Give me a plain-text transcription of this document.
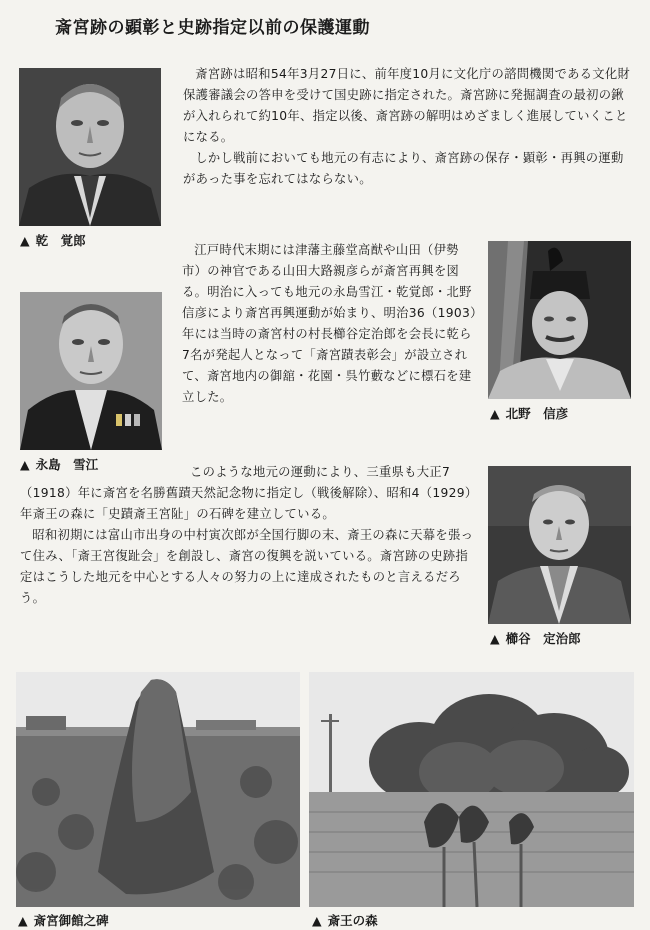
斎宮跡の顕彰と史跡指定以前の保護運動
▲ 乾　覚郎
▲ 永島　雪江
▲ 北野　信彦
▲ 櫛谷　定治郎

斎宮跡は昭和54年3月27日に、前年度10月に文化庁の諮問機関である文化財保護審議会の答申を受けて国史跡に指定された。斎宮跡に発掘調査の最初の鍬が入れられて約10年、指定以後、斎宮跡の解明はめざましく進展していくことになる。

しかし戦前においても地元の有志により、斎宮跡の保存・顕彰・再興の運動があった事を忘れてはならない。

江戸時代末期には津藩主藤堂高猷や山田（伊勢市）の神官である山田大路親彦らが斎宮再興を図る。明治に入っても地元の永島雪江・乾覚郎・北野信彦により斎宮再興運動が始まり、明治36（1903）年には当時の斎宮村の村長櫛谷定治郎を会長に乾ら7名が発起人となって「斎宮蹟表彰会」が設立されて、斎宮地内の御舘・花園・呉竹藪などに標石を建立した。

このような地元の運動により、三重県も大正7（1918）年に斎宮を名勝舊蹟天然記念物に指定し（戦後解除）、昭和4（1929）年斎王の森に「史蹟斎王宮阯」の石碑を建立している。

昭和初期には富山市出身の中村寅次郎が全国行脚の末、斎王の森に天幕を張って住み、「斎王宮復趾会」を創設し、斎宮の復興を説いている。斎宮跡の史跡指定はこうした地元を中心とする人々の努力の上に達成されたものと言えるだろう。

▲ 斎宮御館之碑	▲ 斎王の森
